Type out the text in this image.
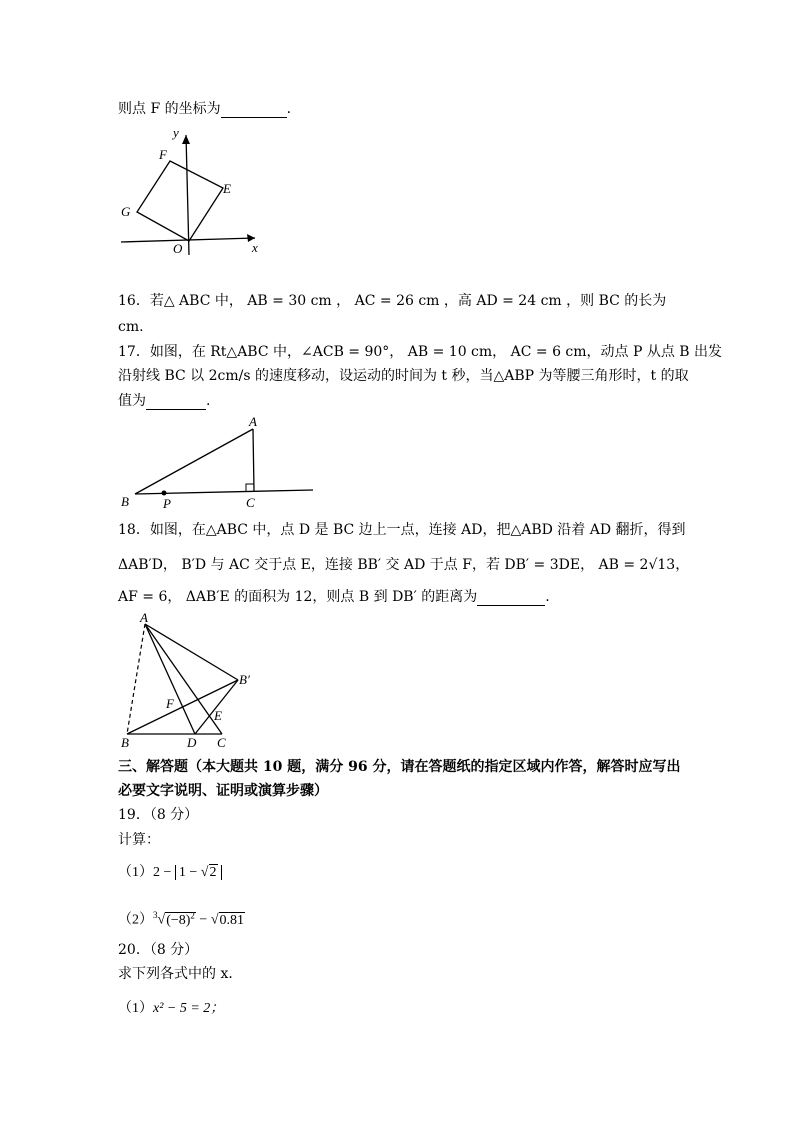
则点 F 的坐标为	.
y
F
E
G
O	x
16．若△ ABC 中， AB = 30 cm ， AC = 26 cm ，高 AD = 24 cm ，则 BC 的长为
cm.
17．如图，在 Rt△ABC 中，∠ACB = 90°， AB = 10 cm， AC = 6 cm，动点 P 从点 B 出发
沿射线 BC 以 2cm/s 的速度移动，设运动的时间为 t 秒，当△ABP 为等腰三角形时，t 的取
值为	.
A
B	P	C
18．如图，在△ABC 中，点 D 是 BC 边上一点，连接 AD，把△ABD 沿着 AD 翻折，得到
ΔAB′D， B′D 与 AC 交于点 E，连接 BB′ 交 AD 于点 F，若 DB′ = 3DE， AB = 2√13，
AF = 6， ΔAB′E 的面积为 12，则点 B 到 DB′ 的距离为	.
A
B′
F
E
B	D C
三、解答题（本大题共 10 题，满分 96 分，请在答题纸的指定区域内作答，解答时应写出
必要文字说明、证明或演算步骤）
19．（8 分）
计算：
（1）2 − 1 − √2
$(2)^3√(-8)^2 - √0.81$
20．（8 分）
求下列各式中的 x．
（1）x² − 5 = 2；
